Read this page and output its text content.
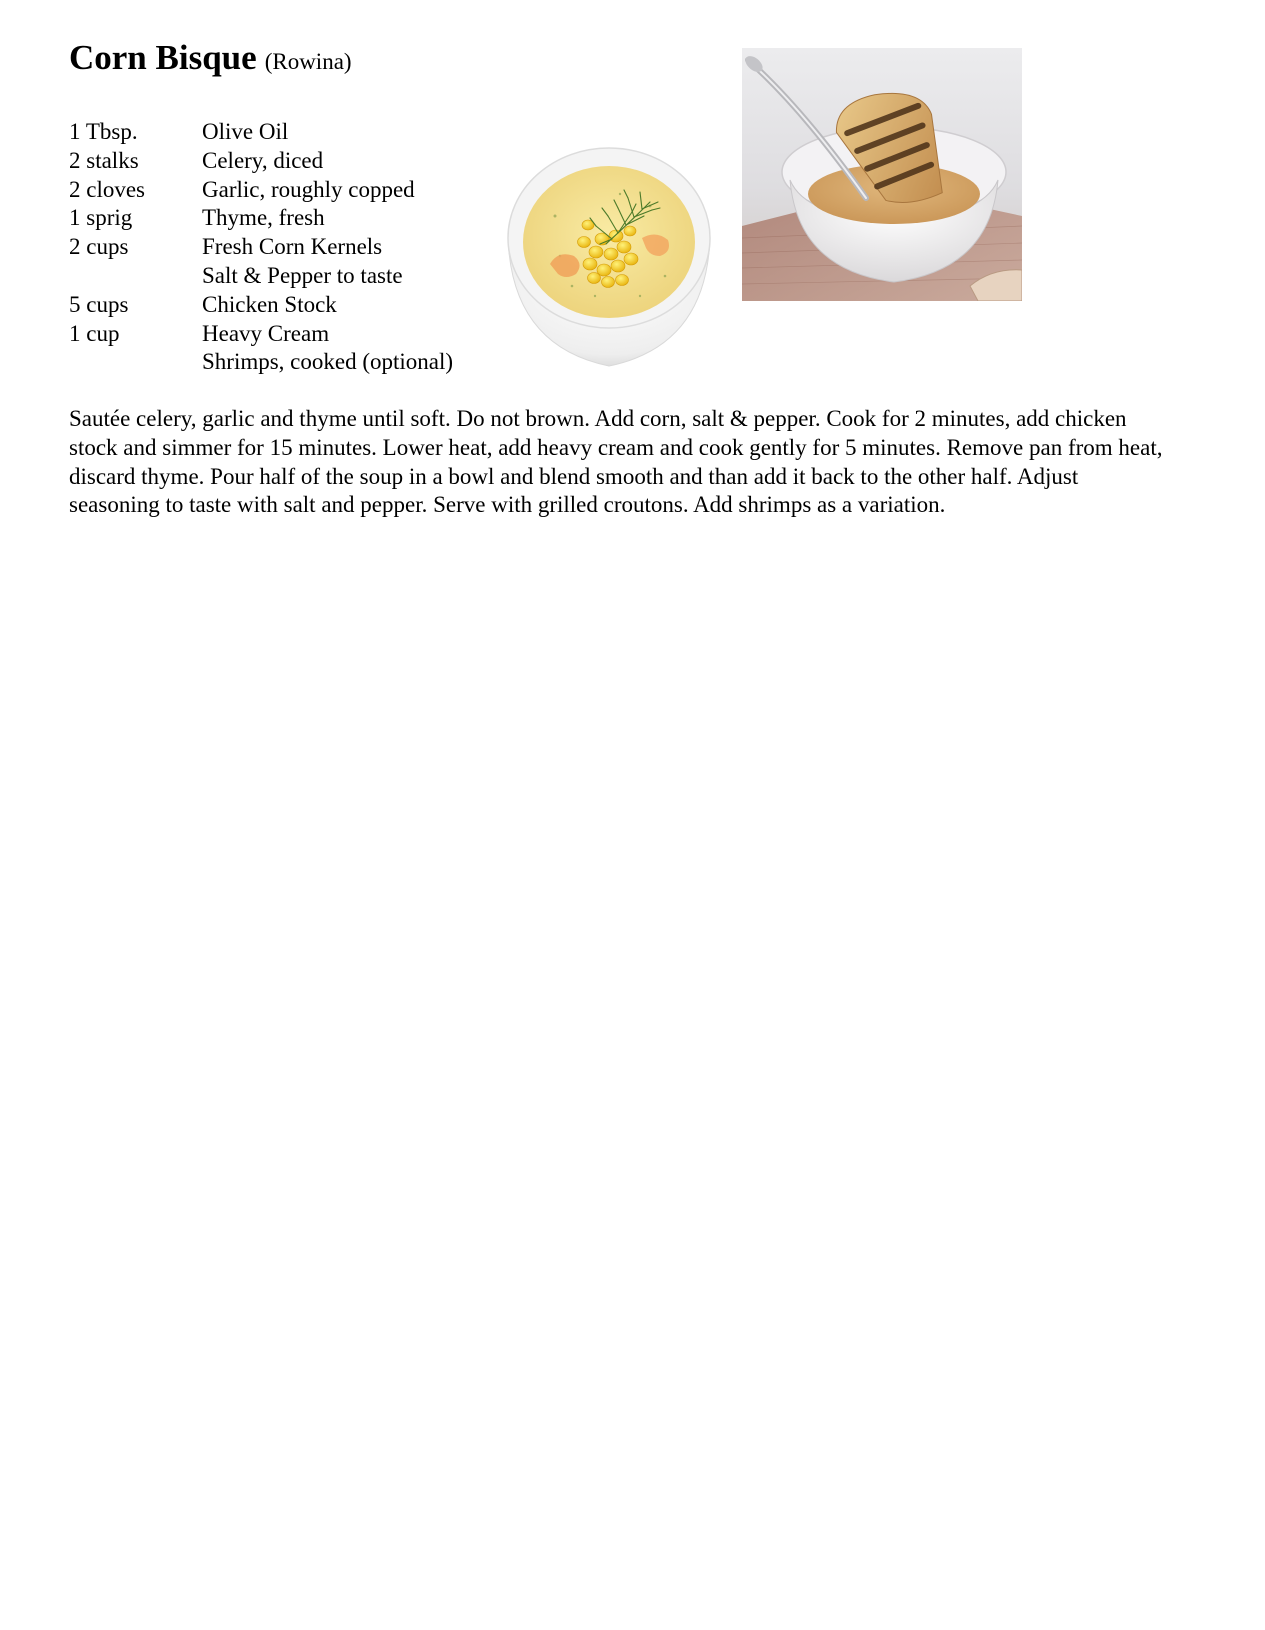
Corn Bisque (Rowina)
1 Tbsp.	Olive Oil
2 stalks	Celery, diced
2 cloves	Garlic, roughly copped
1 sprig	Thyme, fresh
2 cups	Fresh Corn Kernels
	Salt & Pepper to taste
5 cups	Chicken Stock
1 cup	Heavy Cream
	Shrimps, cooked (optional)

Sautée celery, garlic and thyme until soft. Do not brown. Add corn, salt & pepper. Cook for 2 minutes, add chicken stock and simmer for 15 minutes. Lower heat, add heavy cream and cook gently for 5 minutes. Remove pan from heat, discard thyme. Pour half of the soup in a bowl and blend smooth and than add it back to the other half. Adjust seasoning to taste with salt and pepper. Serve with grilled croutons. Add shrimps as a variation.
